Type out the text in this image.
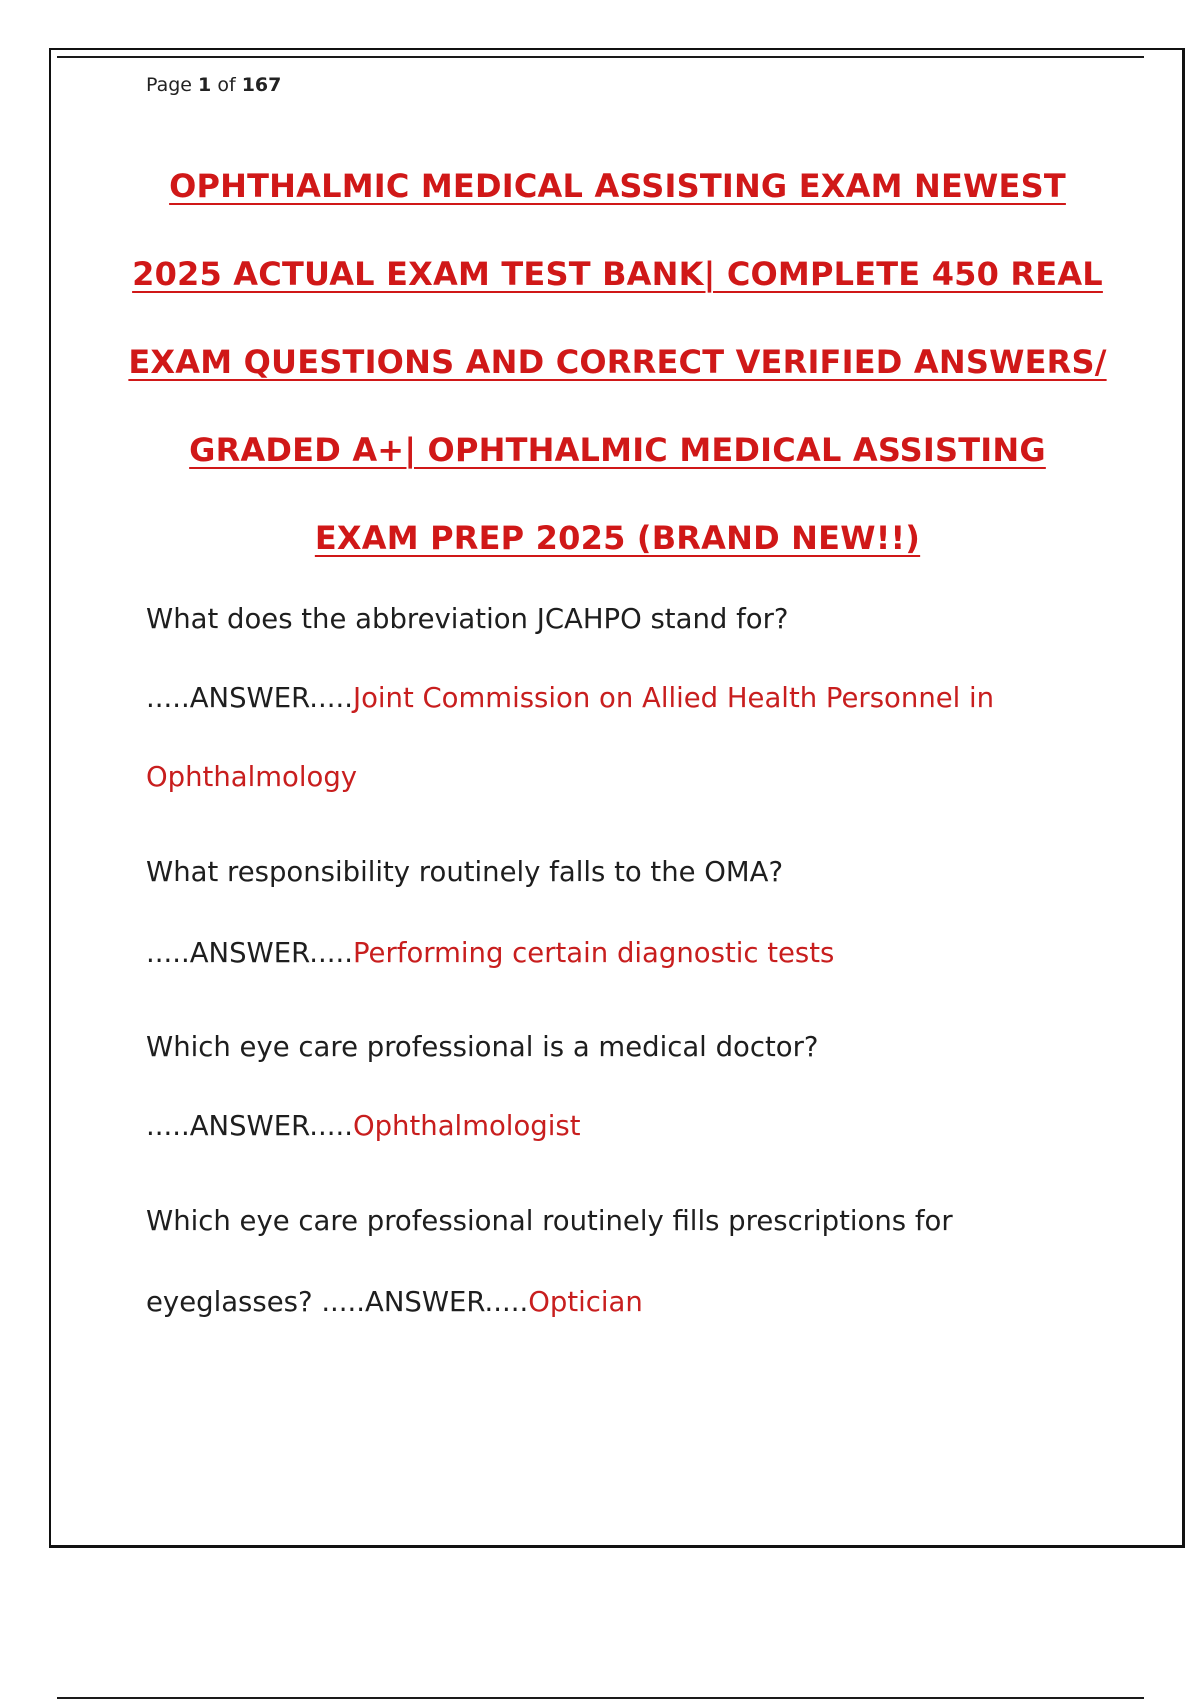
Page 1 of 167
OPHTHALMIC MEDICAL ASSISTING EXAM NEWEST
2025 ACTUAL EXAM TEST BANK| COMPLETE 450 REAL
EXAM QUESTIONS AND CORRECT VERIFIED ANSWERS/
GRADED A+| OPHTHALMIC MEDICAL ASSISTING
EXAM PREP 2025 (BRAND NEW!!)
What does the abbreviation JCAHPO stand for?
.....ANSWER.....Joint Commission on Allied Health Personnel in
Ophthalmology
What responsibility routinely falls to the OMA?
.....ANSWER.....Performing certain diagnostic tests
Which eye care professional is a medical doctor?
.....ANSWER.....Ophthalmologist
Which eye care professional routinely fills prescriptions for
eyeglasses? .....ANSWER.....Optician
